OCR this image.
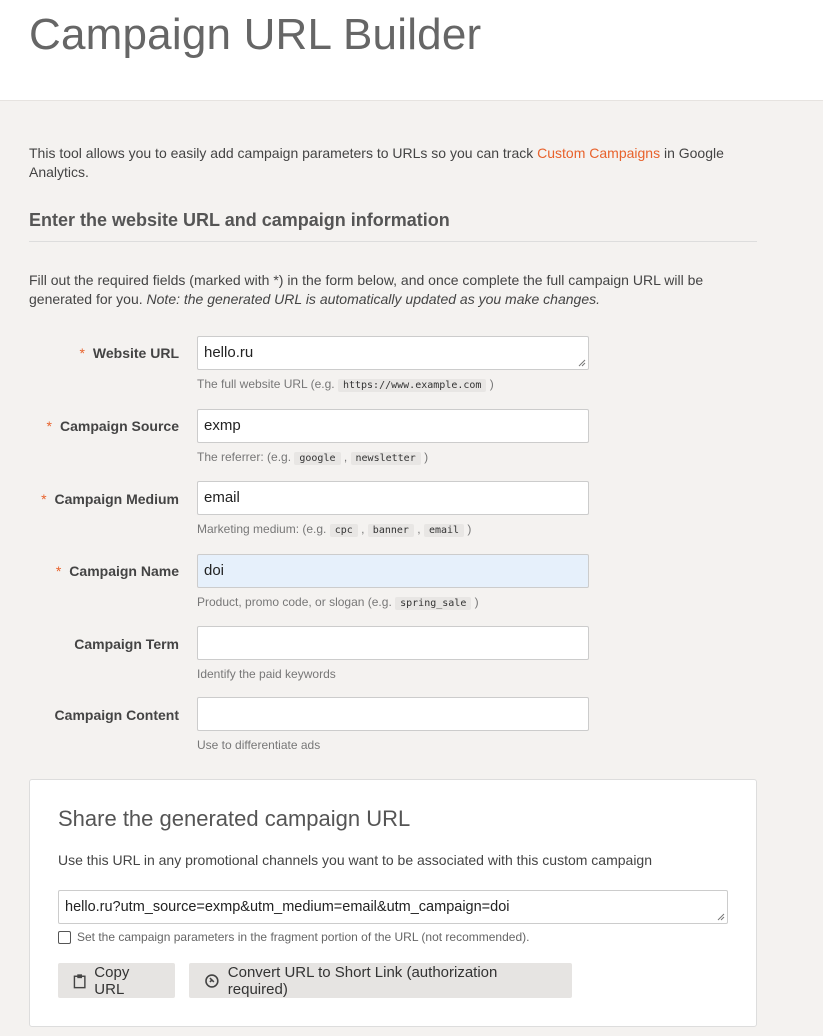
Campaign URL Builder

This tool allows you to easily add campaign parameters to URLs so you can track Custom Campaigns in Google Analytics.

Enter the website URL and campaign information

Fill out the required fields (marked with *) in the form below, and once complete the full campaign URL will be generated for you. Note: the generated URL is automatically updated as you make changes.

* Website URL	hello.ru
The full website URL (e.g. https://www.example.com )
* Campaign Source	exmp
The referrer: (e.g. google , newsletter )
* Campaign Medium	email
Marketing medium: (e.g. cpc , banner , email )
* Campaign Name	doi
Product, promo code, or slogan (e.g. spring_sale )
Campaign Term
Identify the paid keywords
Campaign Content
Use to differentiate ads
Share the generated campaign URL

Use this URL in any promotional channels you want to be associated with this custom campaign

hello.ru?utm_source=exmp&utm_medium=email&utm_campaign=doi
Set the campaign parameters in the fragment portion of the URL (not recommended).
Copy URL
Convert URL to Short Link (authorization required)
